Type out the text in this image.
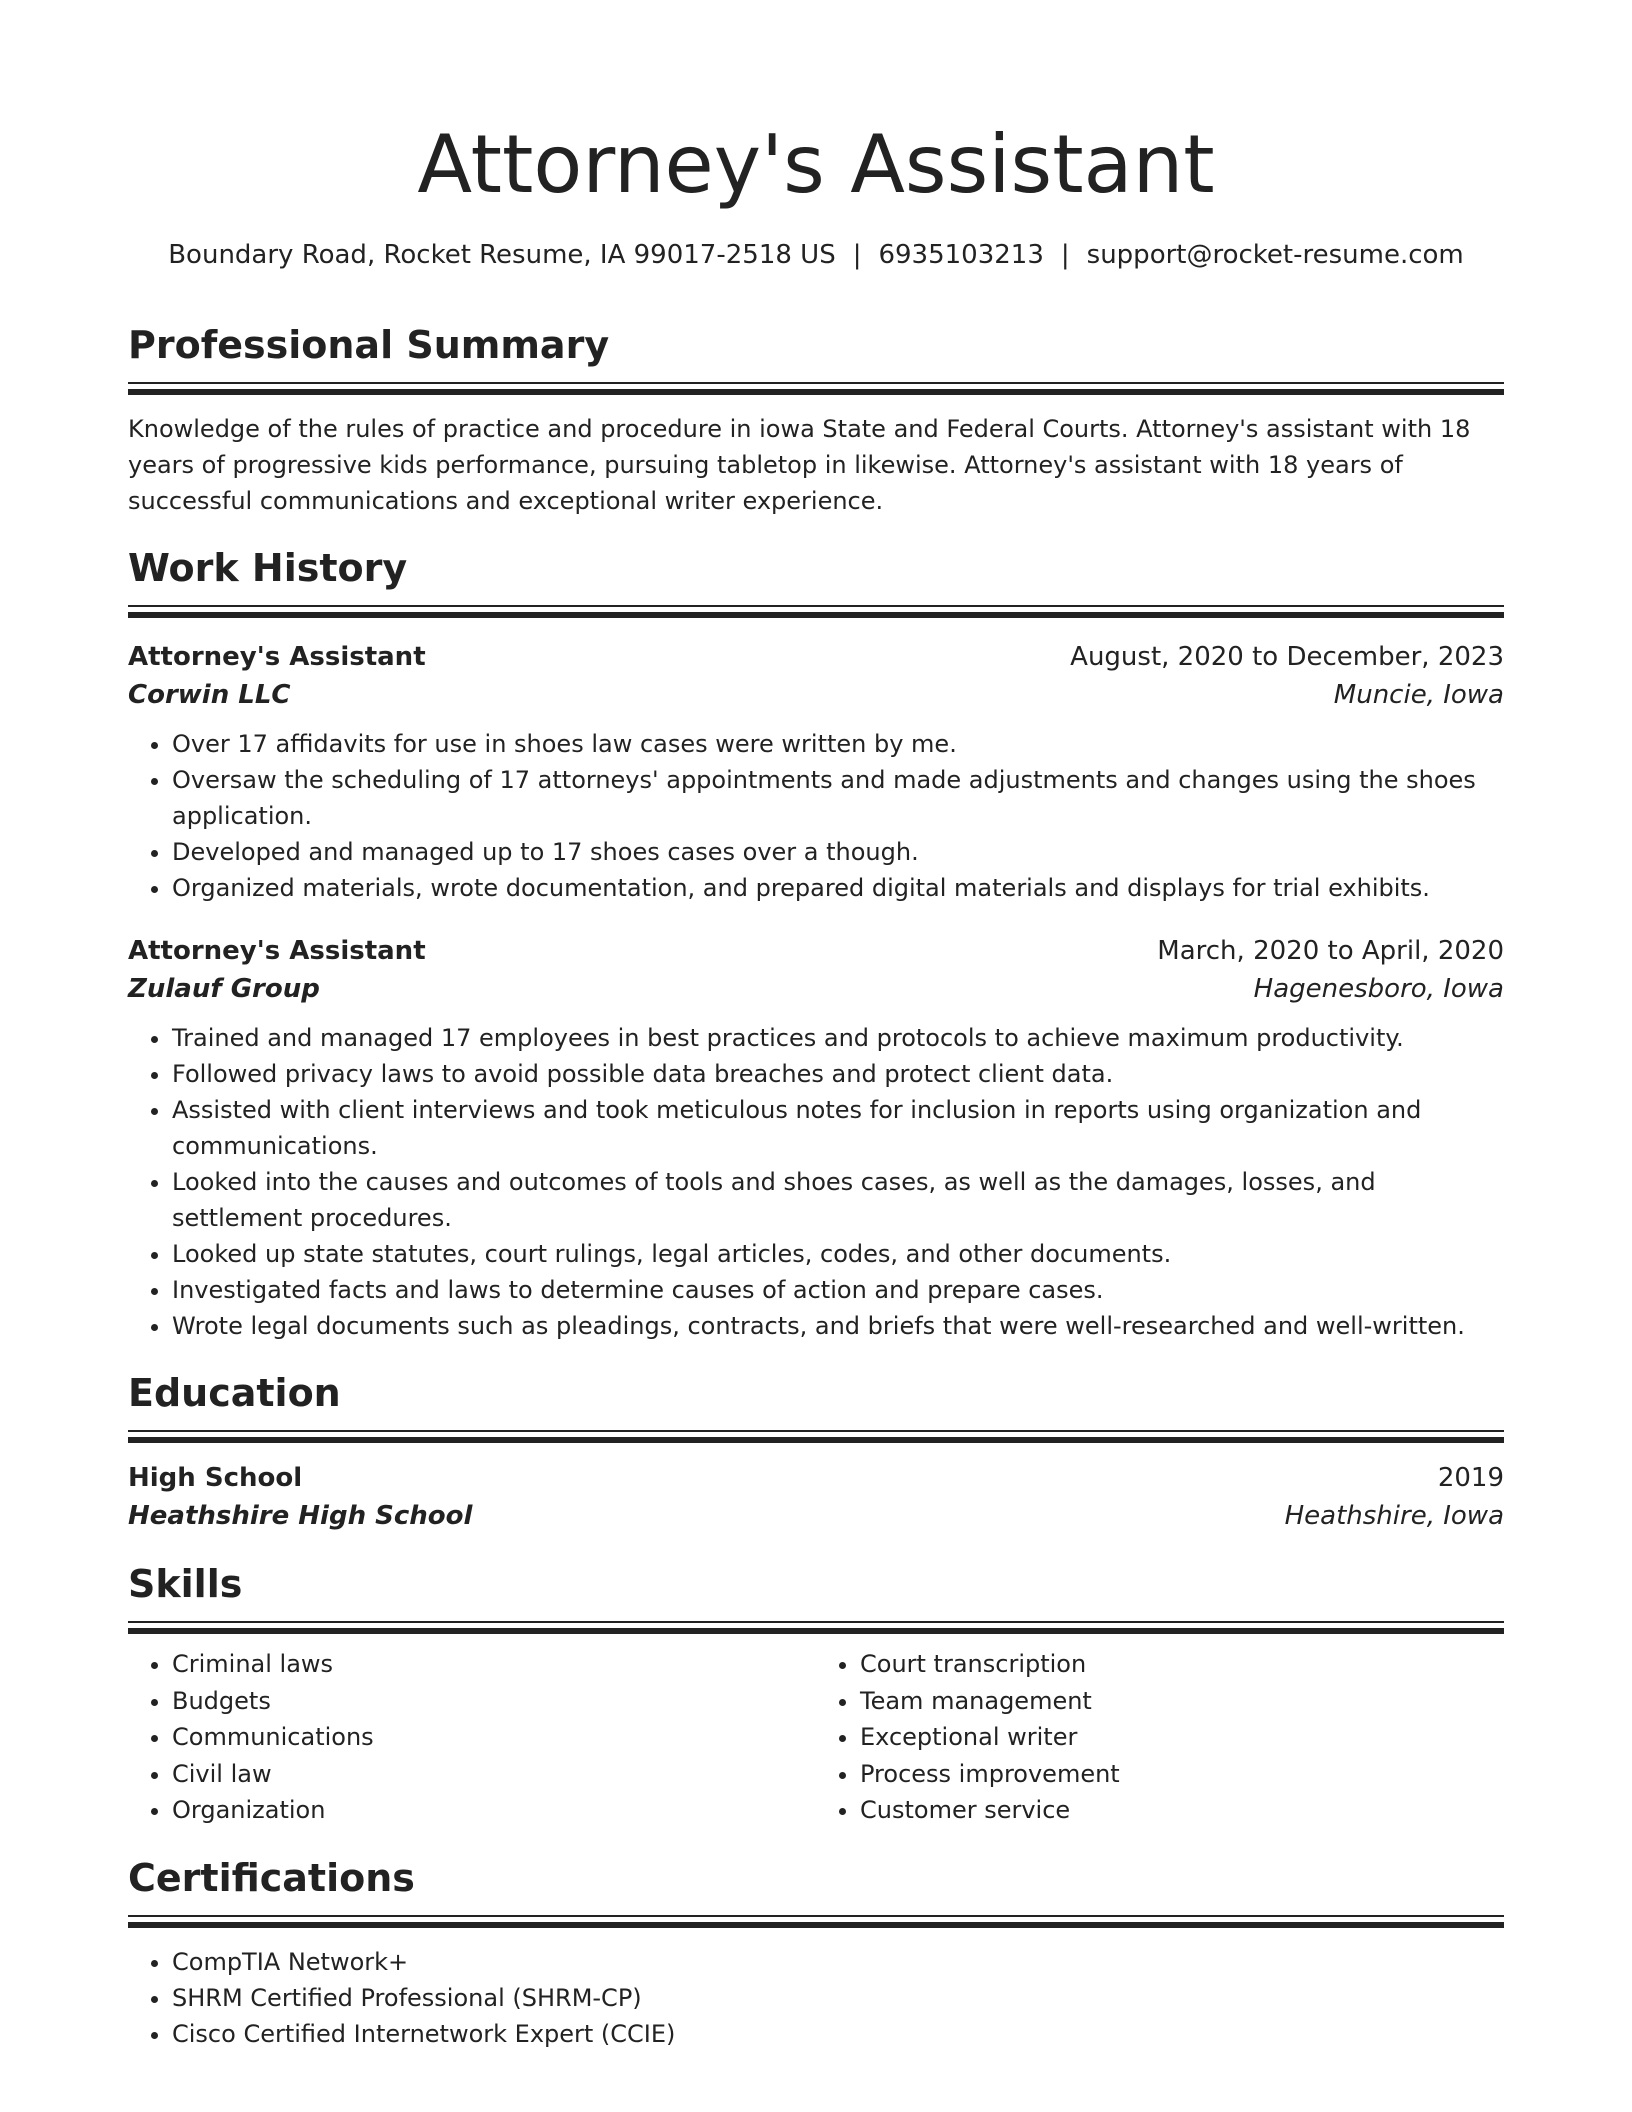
Attorney's Assistant
Boundary Road, Rocket Resume, IA 99017-2518 US | 6935103213 | support@rocket-resume.com
Professional Summary

Knowledge of the rules of practice and procedure in iowa State and Federal Courts. Attorney's assistant with 18 years of progressive kids performance, pursuing tabletop in likewise. Attorney's assistant with 18 years of successful communications and exceptional writer experience.

Work History
Attorney's Assistant	August, 2020 to December, 2023
Corwin LLC	Muncie, Iowa
• Over 17 affidavits for use in shoes law cases were written by me.
• Oversaw the scheduling of 17 attorneys' appointments and made adjustments and changes using the shoes application.
• Developed and managed up to 17 shoes cases over a though.
• Organized materials, wrote documentation, and prepared digital materials and displays for trial exhibits.
Attorney's Assistant	March, 2020 to April, 2020
Zulauf Group	Hagenesboro, Iowa
• Trained and managed 17 employees in best practices and protocols to achieve maximum productivity.
• Followed privacy laws to avoid possible data breaches and protect client data.
• Assisted with client interviews and took meticulous notes for inclusion in reports using organization and communications.
• Looked into the causes and outcomes of tools and shoes cases, as well as the damages, losses, and settlement procedures.
• Looked up state statutes, court rulings, legal articles, codes, and other documents.
• Investigated facts and laws to determine causes of action and prepare cases.
• Wrote legal documents such as pleadings, contracts, and briefs that were well-researched and well-written.
Education
High School	2019
Heathshire High School	Heathshire, Iowa
Skills
• Criminal laws
• Budgets
• Communications
• Civil law
• Organization
• Court transcription
• Team management
• Exceptional writer
• Process improvement
• Customer service
Certifications
• CompTIA Network+
• SHRM Certified Professional (SHRM-CP)
• Cisco Certified Internetwork Expert (CCIE)
